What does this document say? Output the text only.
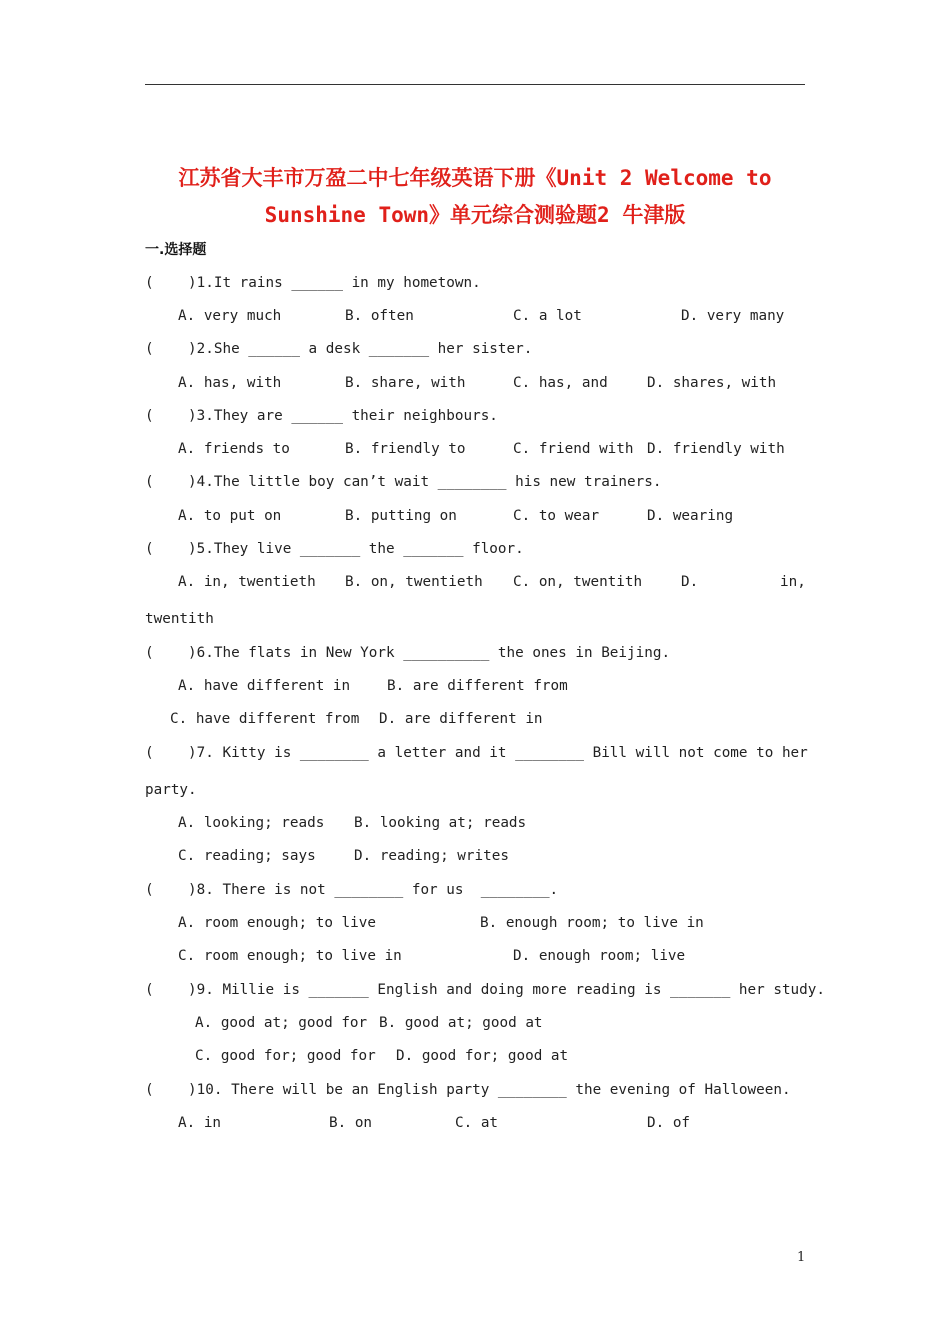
江苏省大丰市万盈二中七年级英语下册《Unit 2 Welcome to
Sunshine Town》单元综合测验题2 牛津版
一.选择题
(    )1.It rains ______ in my hometown.
A. very much	B. often	C. a lot	D. very many
(    )2.She ______ a desk _______ her sister.
A. has, with	B. share, with	C. has, and	D. shares, with
(    )3.They are ______ their neighbours.
A. friends to	B. friendly to	C. friend with D. friendly with
(    )4.The little boy can’t wait ________ his new trainers.
A. to put on	B. putting on	C. to wear	D. wearing
(    )5.They live _______ the _______ floor.
A. in, twentieth B. on, twentieth C. on, twentith	D.	in,
twentith
(    )6.The flats in New York __________ the ones in Beijing.
A. have different in	B. are different from
C. have different from D. are different in
(    )7. Kitty is ________ a letter and it ________ Bill will not come to her
party.
A. looking; reads B. looking at; reads
C. reading; says	D. reading; writes
(    )8. There is not ________ for us  ________.
A. room enough; to live	B. enough room; to live in
C. room enough; to live in	D. enough room; live
(    )9. Millie is _______ English and doing more reading is _______ her study.
A. good at; good for B. good at; good at
C. good for; good for D. good for; good at
(    )10. There will be an English party ________ the evening of Halloween.
A. in	B. on	C. at	D. of
1
